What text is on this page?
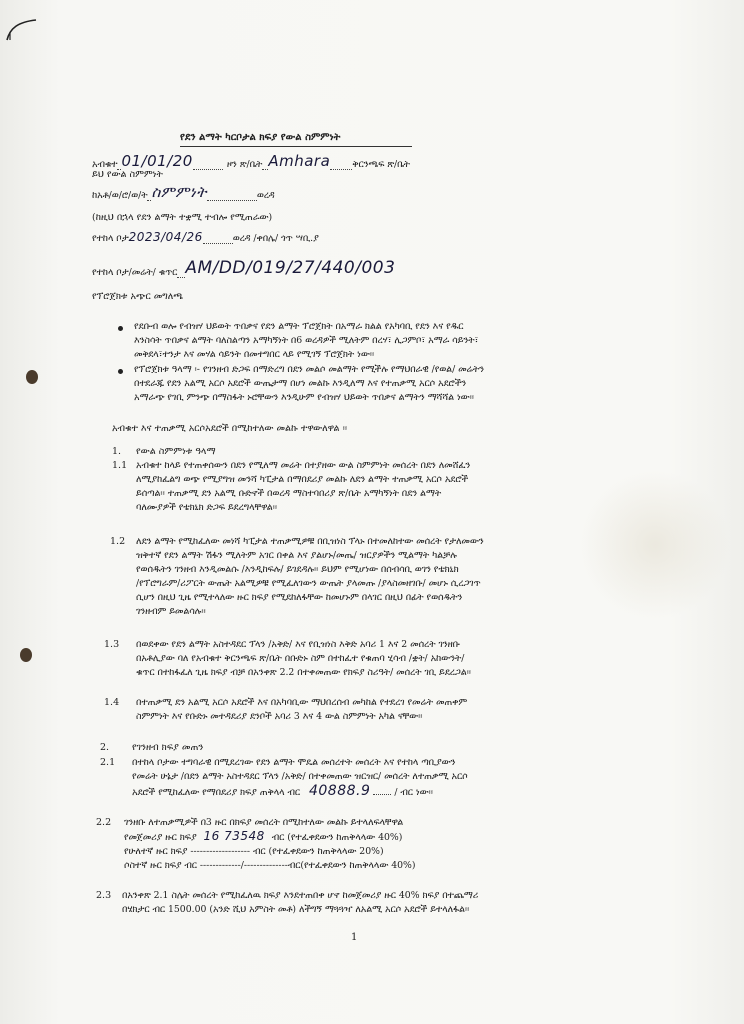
የደን ልማት ካርቦታል ክፍያ የውል ስምምነት
አብቁተ 01/01/20	ዞን ጽ/ቤት Amhara ቅርንጫፍ ጽ/ቤት
ይህ የውል ስምምነት
ከአቶ/ወ/ሮ/ወ/ት ስምምነት	ወረዳ
(ከዚህ በኋላ የደን ልማት ተቋሚ ተብሎ የሚጠራው)
የተከላ ቦታ 2023/04/26	ወረዳ /ቀበሌ/ ጎጥ ሣቢ.ያ
የተከላ ቦታ/መሬት/ ቁጥር AM/DD/019/27/440/003
የፕሮጀክቱ አጭር መግለጫ
የደቡብ ወሎ የብዝሃ ህይወት ጥበቃና የደን ልማት ፕሮጀክት በአማራ ክልል የአካባቢ የደን እና የዱር
እንስሳት ጥበቃና ልማት ባለስልጣን አማካኝነት በ6 ወረዳዎች ሚለትም በረሃ፣ ሊጋምቦ፣ አማራ ሳይንት፣
መቅደላ፣ተንታ እና መሃል ሳይንት በመተግበር ላይ የሚገኝ ፕሮጀክት ነው፡፡
የፕሮጀክቱ ዓላማ ፡- የገንዘብ ድጋፍ በማድረግ በደን መልሶ መልማት የሚችሉ የማህበራዊ /የወል/ መሬትን
በተደራጁ የደን አልሚ አርሶ አደሮች ውጤታማ በሆነ መልኩ እንዲለማ እና የተጠቃሚ አርሶ አደሮችን
አማራጭ የገቢ ምንጭ በማስፋት ኑሮቸውን እንዲሁም የብዝሃ ህይወት ጥበቃና ልማትን ማሻሻል ነው፡፡
አብቁተ እና ተጠቃሚ አርሶአደሮች በሚከተለው መልኩ ተዋውለዋል ፡፡
1. የውል ስምምነቱ ዓላማ
1.1 አብቁተ ከላይ የተጠቀሰውን በደን የሚለማ መሬት በተያዘው ውል ስምምነት መሰረት በደን ለመሸፈን
ለሚያከፈልግ ወጭ የሚያግዝ መንሻ ካፒታል በማበደሪያ መልኩ ለደን ልማት ተጠቃሚ አርሶ አደሮች
ይሰጣል፡፡ ተጠቃሚ ደን አልሚ ቡድኖች በወረዳ ማስተባበሪያ ጽ/ቤት አማካኝነት በደን ልማት
ባለሙያዎች የቴክኒክ ድጋፍ ይደረግላቸዋል፡፡
1.2 ለደን ልማት የሚከፈለው መነሻ ካፒታል ተጠቃሚዎቹ በቢዝነስ ፕላኑ በተመለከተው መሰረት የታለመውን
ዝቅተኛ የደን ልማት ሽፋን ሚለትም አገር በቀል እና ያልሆኑ/መጤ/ ዝርያዎችን ሚልማት ካልቻሉ
የወሰዱትን ገንዘብ እንዲመልሱ /እንዲከፍሉ/ ይገደዳሉ፡፡ ይህም የሚሆነው በሰብሳቢ ወገን የቴክኒክ
/የፕሮግራም/ሪፖርት ውጤት አልሚዎቹ የሚፈለገውን ውጤት ያላመጡ /ያላስመዘገቡ/ መሆኑ ሲረጋገጥ
ሲሆን በዚህ ጊዜ የሚተላለው ዙር ክፍያ የሚደከለፋቸው ከመሆኑም በላገር በዚህ በፊት የወሰዱትን
ገንዘብም ይመልሳሉ፡፡
1.3 በወደቀው የደን ልማት አስተዳደር ፕላን /አቅድ/ እና የቢዝነስ እቅድ አባሪ 1 እና 2 መሰረት ገንዘቡ
በአቶሊያው ባለ የአብቁተ ቅርንጫፍ ጽ/ቤት በቡድኑ ስም በተከፈተ የቁጠባ ሂሳብ /ቋት/ አከውንት/
ቁጥር በተከፋፈለ ጊዜ ክፍያ ብቻ በአንቀጽ 2.2 በተቀመጠው የክፍያ ስሪዓት/ መሰረት ገቢ ይደረጋል፡፡
1.4 በተጠቃሚ ደን አልሚ አርሶ አደሮች እና በአካባቢው ማህበረሰብ መካከል የተደረገ የመሬት መጠቀም
ስምምነት እና የቡድኑ መተዳደሪያ ደንቦች አባሪ 3 እና 4 ውል ስምምነት አካል ናቸው፡፡
2. የገንዘብ ክፍያ መጠን
2.1 በተከላ ቦታው ተግባራዊ በሚደረገው የደን ልማት ሞዴል መሰረተት መሰረት እና የተከላ ጣቢያውን
የመሬት ሁኔታ /በደን ልማት አስተዳደር ፕላን /አቅድ/ በተቀመጠው ዝርዝር/ መሰረት ለተጠቃሚ አርሶ
አደሮች የሚከፈለው የማበደሪያ ክፍያ ጠቅላላ ብር 40888.9	/ ብር ነው፡፡
2.2 ገንዘቡ ለተጠቃሚዎች በ3 ዙር በክፍያ መሰረት በሚከተለው መልኩ ይተላለፍላቸዋል
የመጀመሪያ ዙር ክፍያ 16 73548 ብር (የተፈቀደውን ከጠቅላላው 40%)
የሁለተኛ ዙር ክፍያ ------------------- ብር (የተፈቀደውን ከጠቅላላው 20%)
ሶስተኛ ዙር ክፍያ ብር -------------/--------------ብር(የተፈቀደውን ከጠቅላላው 40%)
2.3 በአንቀጽ 2.1 ስሌት መሰረት የሚከፈለዉ ክፍያ እንደተጠበቀ ሆኖ ከመጀመሪያ ዙር 40% ክፍያ በተጨማሪ
በሄክታር ብር 1500.00 (አንድ ሺህ አምስት መቶ) ለችግኝ ማጓጓዣ ለአልሚ አርሶ አደሮች ይተላለፋል፡፡
1
